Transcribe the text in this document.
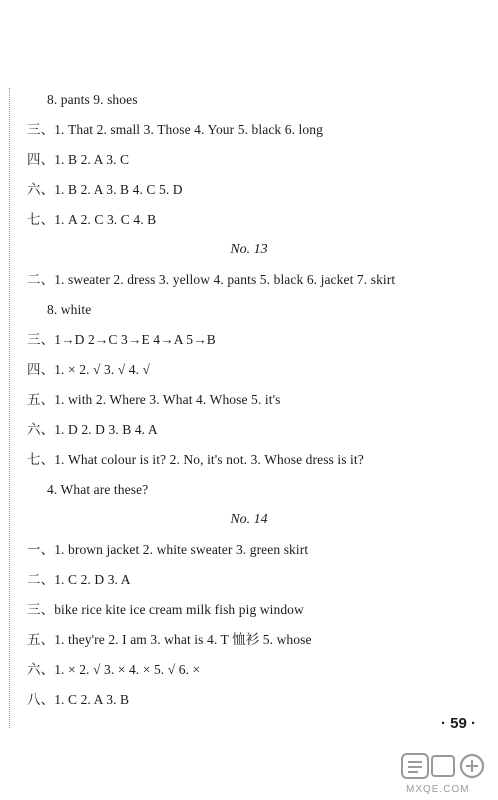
8. pants 9. shoes
三、1. That 2. small 3. Those 4. Your 5. black 6. long
四、1. B 2. A 3. C
六、1. B 2. A 3. B 4. C 5. D
七、1. A 2. C 3. C 4. B
No. 13
二、1. sweater 2. dress 3. yellow 4. pants 5. black 6. jacket 7. skirt
8. white
三、1→D 2→C 3→E 4→A 5→B
四、1. × 2. √ 3. √ 4. √
五、1. with 2. Where 3. What 4. Whose 5. it's
六、1. D 2. D 3. B 4. A
七、1. What colour is it? 2. No, it's not. 3. Whose dress is it?
4. What are these?
No. 14
一、1. brown jacket 2. white sweater 3. green skirt
二、1. C 2. D 3. A
三、bike rice kite ice cream milk fish pig window
五、1. they're 2. I am 3. what is 4. T 恤衫 5. whose
六、1. × 2. √ 3. × 4. × 5. √ 6. ×
八、1. C 2. A 3. B
· 59 ·
MXQE.COM
